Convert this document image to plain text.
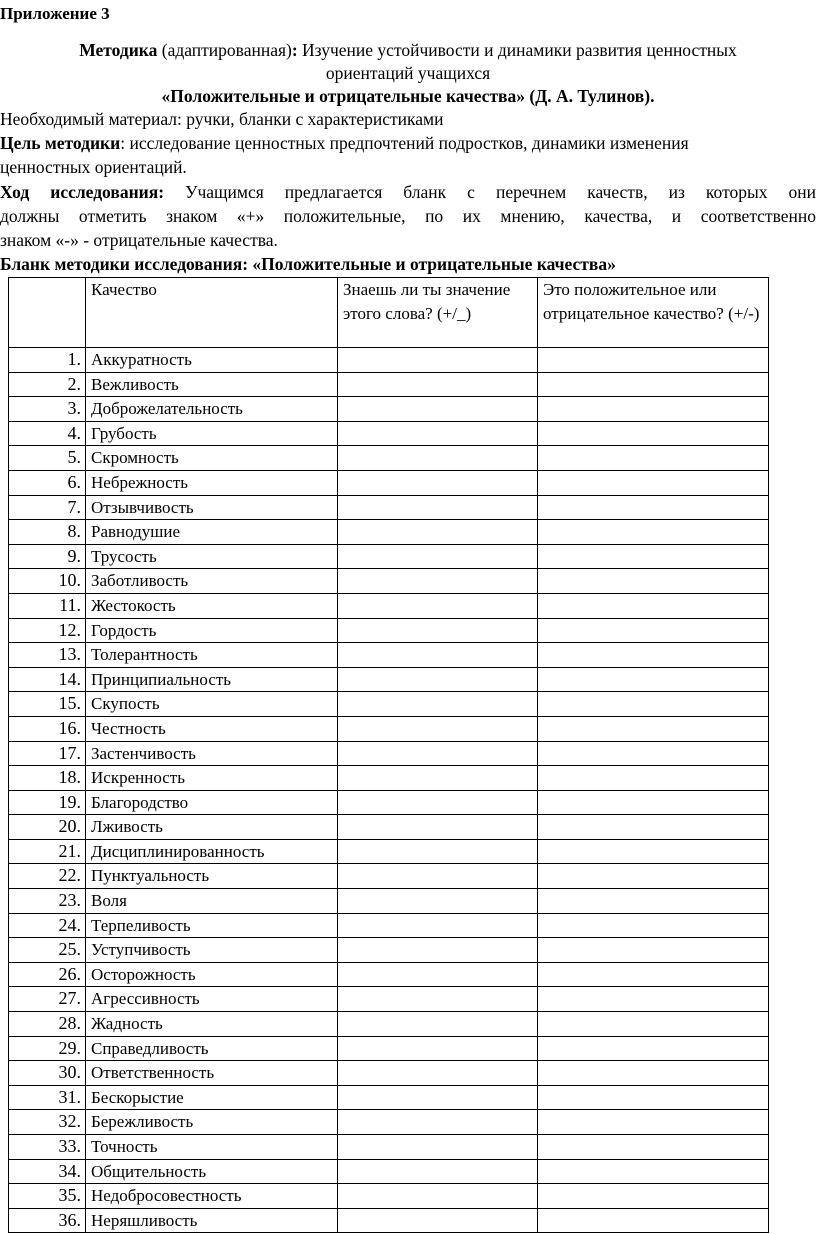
Приложение 3
Методика (адаптированная): Изучение устойчивости и динамики развития ценностных
ориентаций учащихся
«Положительные и отрицательные качества» (Д. А. Тулинов).
Необходимый материал: ручки, бланки с характеристиками
Цель методики: исследование ценностных предпочтений подростков, динамики изменения
ценностных ориентаций.
Ход исследования: Учащимся предлагается бланк с перечнем качеств, из которых они
должны отметить знаком «+» положительные, по их мнению, качества, и соответственно
знаком «-» - отрицательные качества.
Бланк методики исследования: «Положительные и отрицательные качества»
	Качество	Знаешь ли ты значение этого слова? (+/_)	Это положительное или отрицательное качество? (+/-)
1.	Аккуратность		
2.	Вежливость		
3.	Доброжелательность		
4.	Грубость		
5.	Скромность		
6.	Небрежность		
7.	Отзывчивость		
8.	Равнодушие		
9.	Трусость		
10.	Заботливость		
11.	Жестокость		
12.	Гордость		
13.	Толерантность		
14.	Принципиальность		
15.	Скупость		
16.	Честность		
17.	Застенчивость		
18.	Искренность		
19.	Благородство		
20.	Лживость		
21.	Дисциплинированность		
22.	Пунктуальность		
23.	Воля		
24.	Терпеливость		
25.	Уступчивость		
26.	Осторожность		
27.	Агрессивность		
28.	Жадность		
29.	Справедливость		
30.	Ответственность		
31.	Бескорыстие		
32.	Бережливость		
33.	Точность		
34.	Общительность		
35.	Недобросовестность		
36.	Неряшливость		
